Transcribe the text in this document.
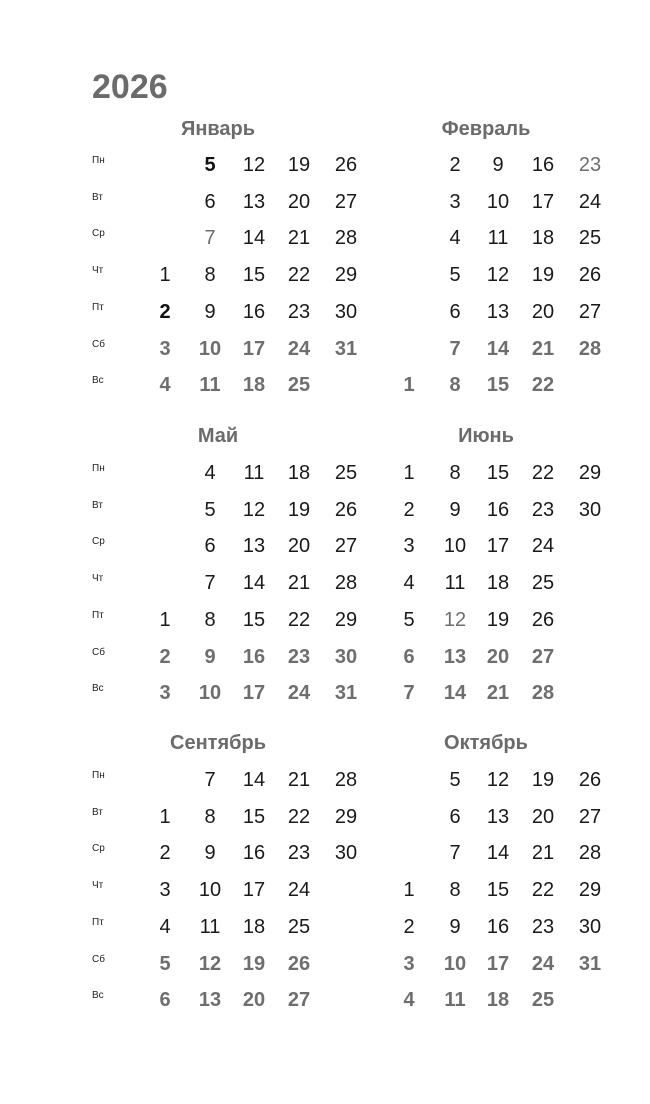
2026
Пн
Вт
Ср
Чт
Пт
Сб
Вс
Пн
Вт
Ср
Чт
Пт
Сб
Вс
Пн
Вт
Ср
Чт
Пт
Сб
Вс
Январь
1
2
3
4
5
6
7
8
9
10
11
12
13
14
15
16
17
18
19
20
21
22
23
24
25
26
27
28
29
30
31
Февраль
1
2
3
4
5
6
7
8
9
10
11
12
13
14
15
16
17
18
19
20
21
22
23
24
25
26
27
28
Май
1
2
3
4
5
6
7
8
9
10
11
12
13
14
15
16
17
18
19
20
21
22
23
24
25
26
27
28
29
30
31
Июнь
1
2
3
4
5
6
7
8
9
10
11
12
13
14
15
16
17
18
19
20
21
22
23
24
25
26
27
28
29
30
Сентябрь
1
2
3
4
5
6
7
8
9
10
11
12
13
14
15
16
17
18
19
20
21
22
23
24
25
26
27
28
29
30
Октябрь
1
2
3
4
5
6
7
8
9
10
11
12
13
14
15
16
17
18
19
20
21
22
23
24
25
26
27
28
29
30
31
